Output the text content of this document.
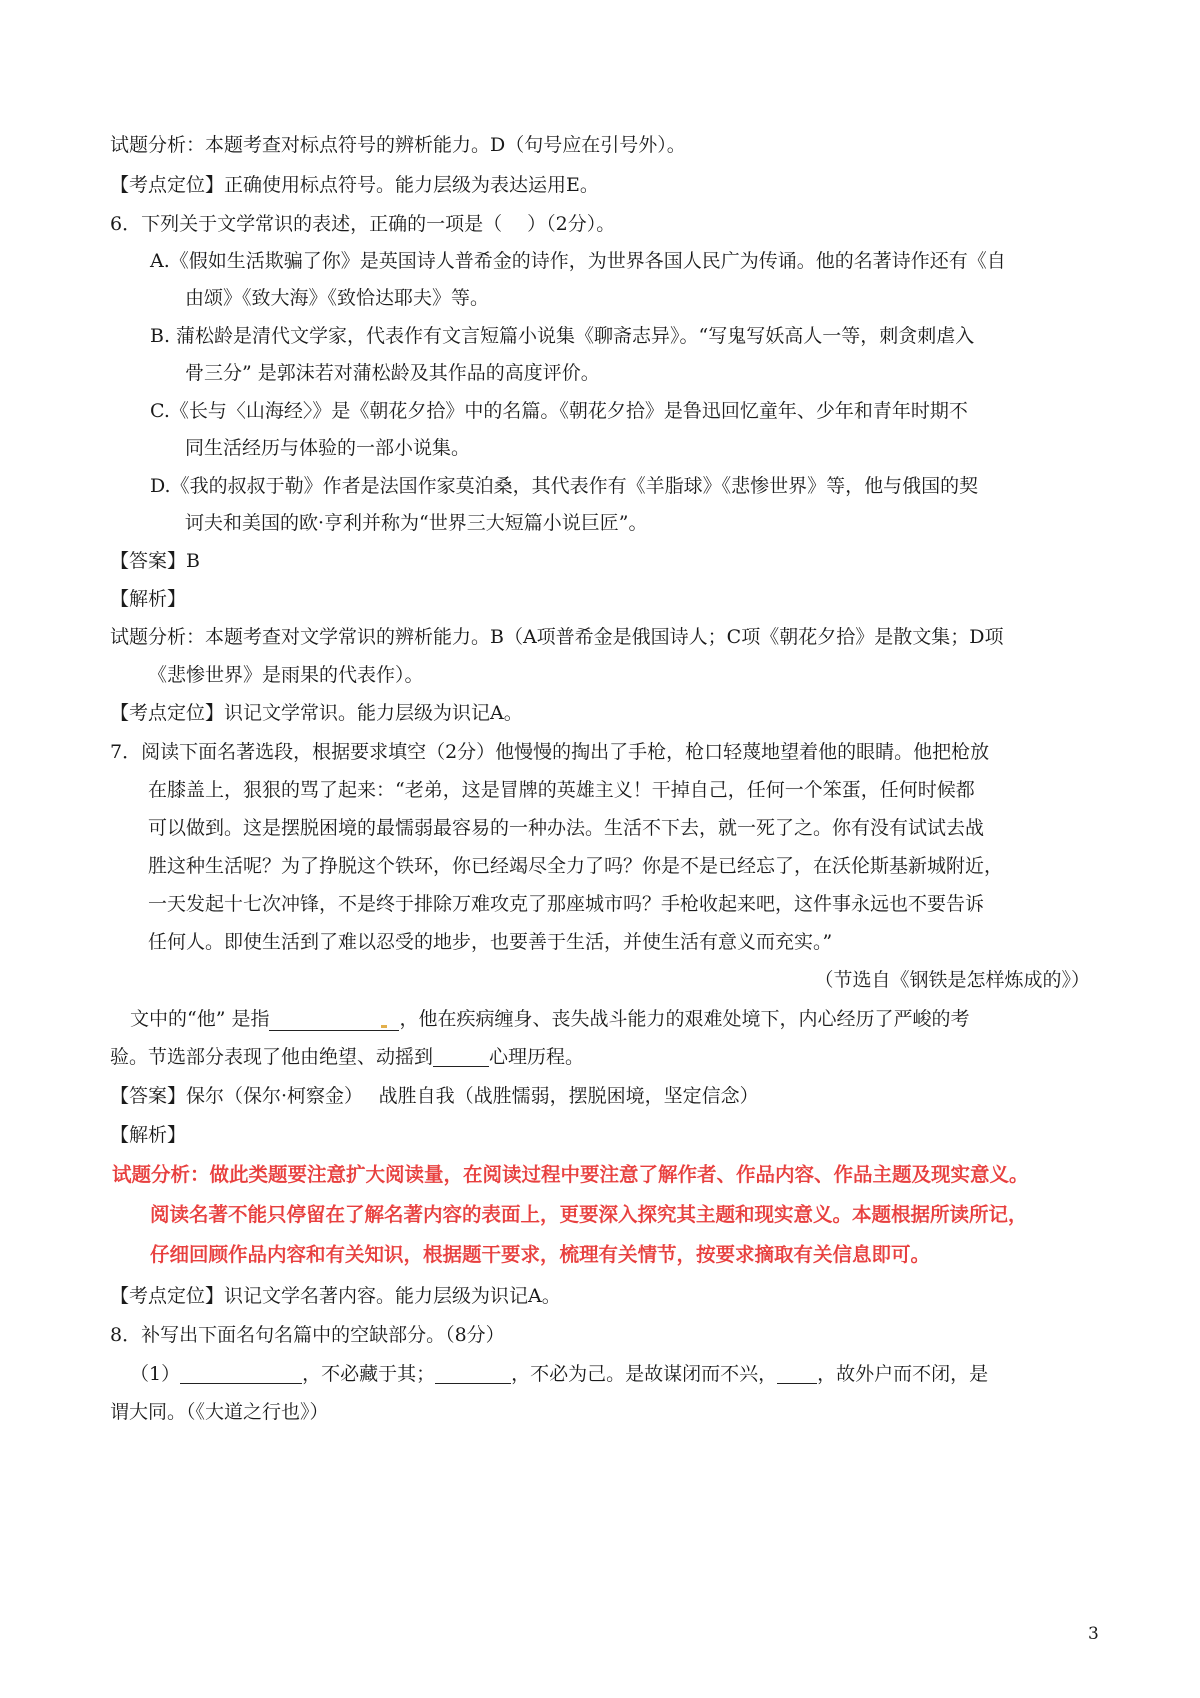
试题分析：本题考查对标点符号的辨析能力。D（句号应在引号外）。
【考点定位】正确使用标点符号。能力层级为表达运用E。
6．下列关于文学常识的表述，正确的一项是（　 ）（2分）。
A.《假如生活欺骗了你》是英国诗人普希金的诗作，为世界各国人民广为传诵。他的名著诗作还有《自
由颂》《致大海》《致恰达耶夫》等。
B. 蒲松龄是清代文学家，代表作有文言短篇小说集《聊斋志异》。“写鬼写妖高人一等，刺贪刺虐入
骨三分” 是郭沫若对蒲松龄及其作品的高度评价。
C.《长与〈山海经〉》是《朝花夕拾》中的名篇。《朝花夕拾》是鲁迅回忆童年、少年和青年时期不
同生活经历与体验的一部小说集。
D.《我的叔叔于勒》作者是法国作家莫泊桑，其代表作有《羊脂球》《悲惨世界》等，他与俄国的契
诃夫和美国的欧·亨利并称为“世界三大短篇小说巨匠”。
【答案】B
【解析】
试题分析：本题考查对文学常识的辨析能力。B（A项普希金是俄国诗人；C项《朝花夕拾》是散文集；D项
《悲惨世界》是雨果的代表作）。
【考点定位】识记文学常识。能力层级为识记A。
7．阅读下面名著选段，根据要求填空（2分）他慢慢的掏出了手枪，枪口轻蔑地望着他的眼睛。他把枪放
在膝盖上，狠狠的骂了起来：“老弟，这是冒牌的英雄主义！干掉自己，任何一个笨蛋，任何时候都
可以做到。这是摆脱困境的最懦弱最容易的一种办法。生活不下去，就一死了之。你有没有试试去战
胜这种生活呢？为了挣脱这个铁环，你已经竭尽全力了吗？你是不是已经忘了，在沃伦斯基新城附近，
一天发起十七次冲锋，不是终于排除万难攻克了那座城市吗？手枪收起来吧，这件事永远也不要告诉
任何人。即使生活到了难以忍受的地步，也要善于生活，并使生活有意义而充实。”
（节选自《钢铁是怎样炼成的》）
文中的“他” 是指	，他在疾病缠身、丧失战斗能力的艰难处境下，内心经历了严峻的考
验。节选部分表现了他由绝望、动摇到	心理历程。
【答案】保尔（保尔·柯察金）　 战胜自我（战胜懦弱，摆脱困境，坚定信念）
【解析】
试题分析：做此类题要注意扩大阅读量，在阅读过程中要注意了解作者、作品内容、作品主题及现实意义。
阅读名著不能只停留在了解名著内容的表面上，更要深入探究其主题和现实意义。本题根据所读所记，
仔细回顾作品内容和有关知识，根据题干要求，梳理有关情节，按要求摘取有关信息即可。
【考点定位】识记文学名著内容。能力层级为识记A。
8．补写出下面名句名篇中的空缺部分。（8分）
（1）	，不必藏于其；	，不必为己。是故谋闭而不兴， ，故外户而不闭，是
谓大同。（《大道之行也》）
3
